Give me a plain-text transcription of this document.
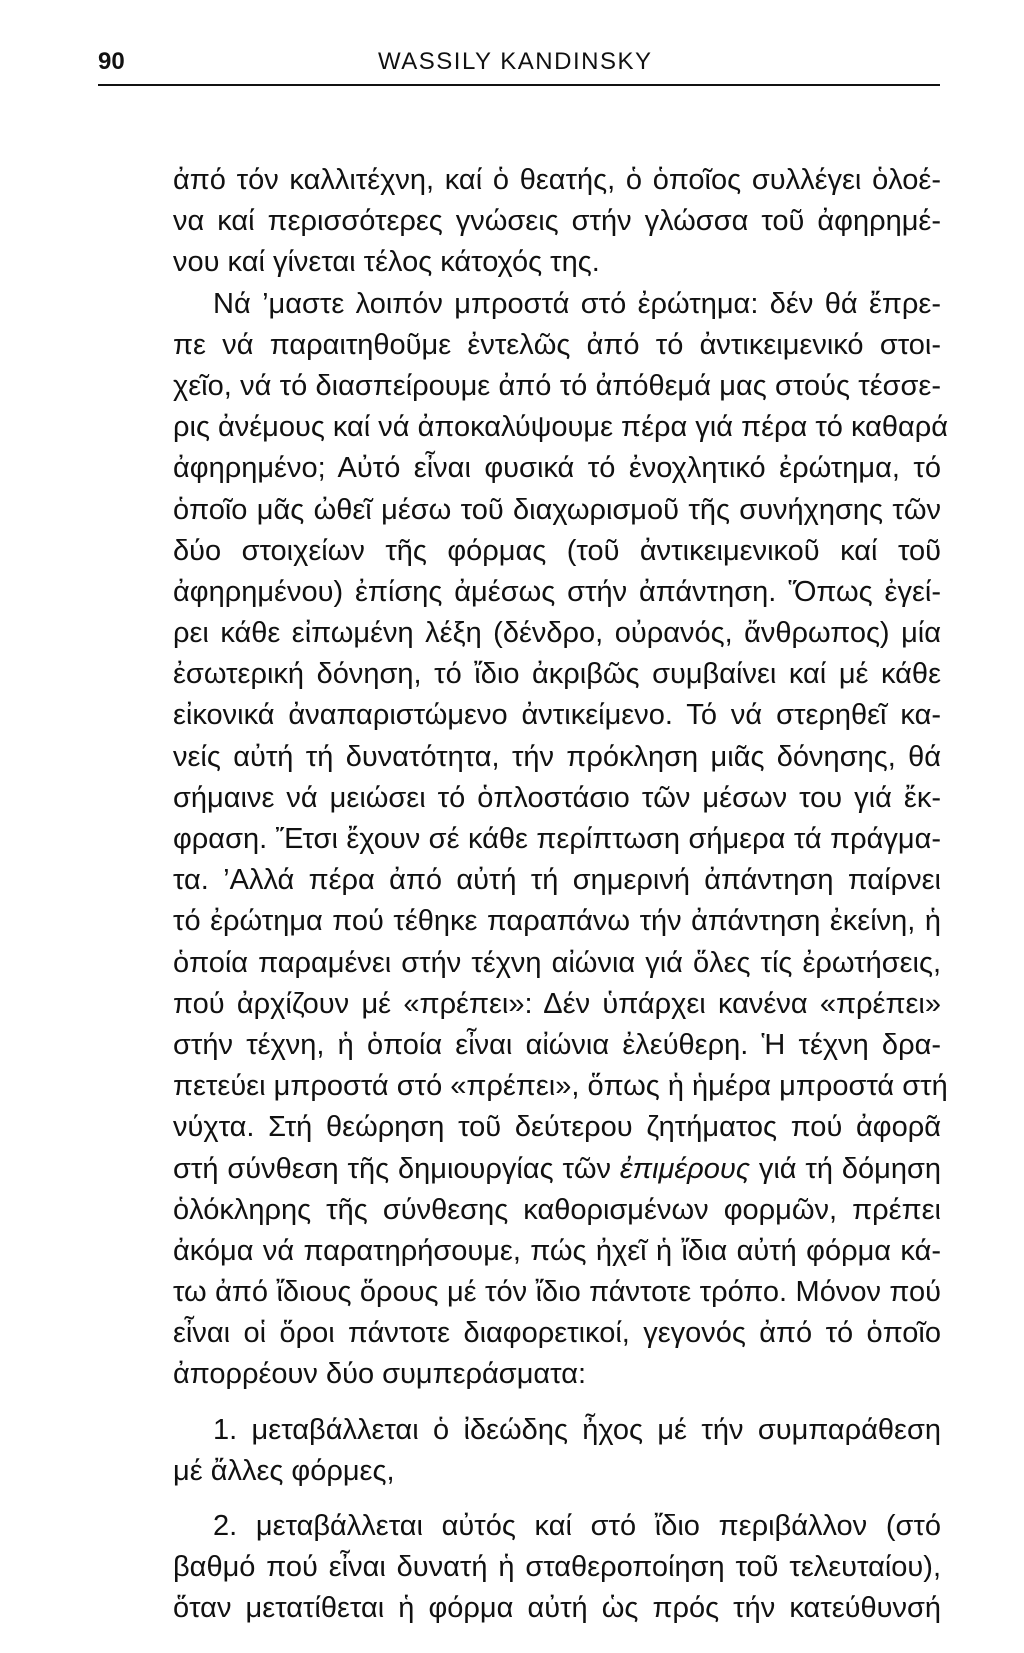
90	WASSILY KANDINSKY
ἀπό τόν καλλιτέχνη, καί ὁ θεατής, ὁ ὁποῖος συλλέγει ὁλοέ-
να καί περισσότερες γνώσεις στήν γλώσσα τοῦ ἀφηρημέ-
νου καί γίνεται τέλος κάτοχός της.
Νά ’μαστε λοιπόν μπροστά στό ἐρώτημα: δέν θά ἔπρε-
πε νά παραιτηθοῦμε ἐντελῶς ἀπό τό ἀντικειμενικό στοι-
χεῖο, νά τό διασπείρουμε ἀπό τό ἀπόθεμά μας στούς τέσσε-
ρις ἀνέμους καί νά ἀποκαλύψουμε πέρα γιά πέρα τό καθαρά
ἀφηρημένο; Αὐτό εἶναι φυσικά τό ἐνοχλητικό ἐρώτημα, τό
ὁποῖο μᾶς ὠθεῖ μέσω τοῦ διαχωρισμοῦ τῆς συνήχησης τῶν
δύο στοιχείων τῆς φόρμας (τοῦ ἀντικειμενικοῦ καί τοῦ
ἀφηρημένου) ἐπίσης ἀμέσως στήν ἀπάντηση. Ὅπως ἐγεί-
ρει κάθε εἰπωμένη λέξη (δένδρο, οὐρανός, ἄνθρωπος) μία
ἐσωτερική δόνηση, τό ἴδιο ἀκριβῶς συμβαίνει καί μέ κάθε
εἰκονικά ἀναπαριστώμενο ἀντικείμενο. Τό νά στερηθεῖ κα-
νείς αὐτή τή δυνατότητα, τήν πρόκληση μιᾶς δόνησης, θά
σήμαινε νά μειώσει τό ὁπλοστάσιο τῶν μέσων του γιά ἔκ-
φραση. Ἔτσι ἔχουν σέ κάθε περίπτωση σήμερα τά πράγμα-
τα. ’Αλλά πέρα ἀπό αὐτή τή σημερινή ἀπάντηση παίρνει
τό ἐρώτημα πού τέθηκε παραπάνω τήν ἀπάντηση ἐκείνη, ἡ
ὁποία παραμένει στήν τέχνη αἰώνια γιά ὅλες τίς ἐρωτήσεις,
πού ἀρχίζουν μέ «πρέπει»: Δέν ὑπάρχει κανένα «πρέπει»
στήν τέχνη, ἡ ὁποία εἶναι αἰώνια ἐλεύθερη. Ἡ τέχνη δρα-
πετεύει μπροστά στό «πρέπει», ὅπως ἡ ἡμέρα μπροστά στή
νύχτα. Στή θεώρηση τοῦ δεύτερου ζητήματος πού ἀφορᾶ
στή σύνθεση τῆς δημιουργίας τῶν ἐπιμέρους γιά τή δόμηση
ὁλόκληρης τῆς σύνθεσης καθορισμένων φορμῶν, πρέπει
ἀκόμα νά παρατηρήσουμε, πώς ἠχεῖ ἡ ἴδια αὐτή φόρμα κά-
τω ἀπό ἴδιους ὅρους μέ τόν ἴδιο πάντοτε τρόπο. Μόνον πού
εἶναι οἱ ὅροι πάντοτε διαφορετικοί, γεγονός ἀπό τό ὁποῖο
ἀπορρέουν δύο συμπεράσματα:
1. μεταβάλλεται ὁ ἰδεώδης ἦχος μέ τήν συμπαράθεση
μέ ἄλλες φόρμες,
2. μεταβάλλεται αὐτός καί στό ἴδιο περιβάλλον (στό
βαθμό πού εἶναι δυνατή ἡ σταθεροποίηση τοῦ τελευταίου),
ὅταν μετατίθεται ἡ φόρμα αὐτή ὡς πρός τήν κατεύθυνσή
